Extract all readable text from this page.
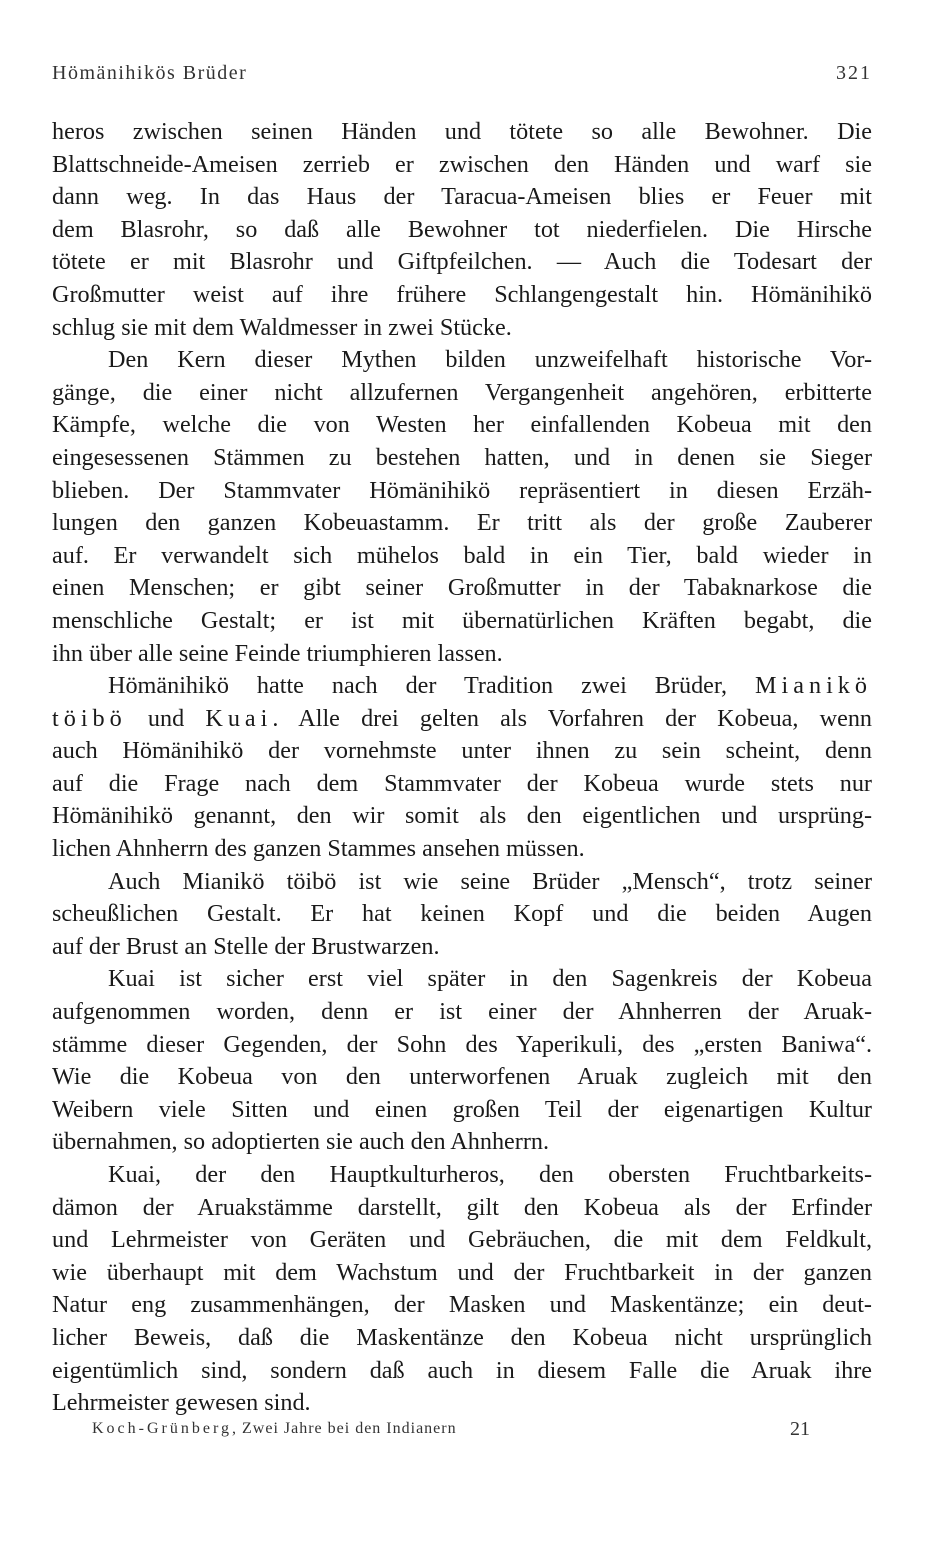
Hömänihikös Brüder	321
heros zwischen seinen Händen und tötete so alle Bewohner. Die
Blattschneide-Ameisen zerrieb er zwischen den Händen und warf sie
dann weg. In das Haus der Taracua-Ameisen blies er Feuer mit
dem Blasrohr, so daß alle Bewohner tot niederfielen. Die Hirsche
tötete er mit Blasrohr und Giftpfeilchen. — Auch die Todesart der
Großmutter weist auf ihre frühere Schlangengestalt hin. Hömänihikö
schlug sie mit dem Waldmesser in zwei Stücke.
Den Kern dieser Mythen bilden unzweifelhaft historische Vor-
gänge, die einer nicht allzufernen Vergangenheit angehören, erbitterte
Kämpfe, welche die von Westen her einfallenden Kobeua mit den
eingesessenen Stämmen zu bestehen hatten, und in denen sie Sieger
blieben. Der Stammvater Hömänihikö repräsentiert in diesen Erzäh-
lungen den ganzen Kobeuastamm. Er tritt als der große Zauberer
auf. Er verwandelt sich mühelos bald in ein Tier, bald wieder in
einen Menschen; er gibt seiner Großmutter in der Tabaknarkose die
menschliche Gestalt; er ist mit übernatürlichen Kräften begabt, die
ihn über alle seine Feinde triumphieren lassen.
Hömänihikö hatte nach der Tradition zwei Brüder, Mianikö
töibö und Kuai. Alle drei gelten als Vorfahren der Kobeua, wenn
auch Hömänihikö der vornehmste unter ihnen zu sein scheint, denn
auf die Frage nach dem Stammvater der Kobeua wurde stets nur
Hömänihikö genannt, den wir somit als den eigentlichen und ursprüng-
lichen Ahnherrn des ganzen Stammes ansehen müssen.
Auch Mianikö töibö ist wie seine Brüder „Mensch“, trotz seiner
scheußlichen Gestalt. Er hat keinen Kopf und die beiden Augen
auf der Brust an Stelle der Brustwarzen.
Kuai ist sicher erst viel später in den Sagenkreis der Kobeua
aufgenommen worden, denn er ist einer der Ahnherren der Aruak-
stämme dieser Gegenden, der Sohn des Yaperikuli, des „ersten Baniwa“.
Wie die Kobeua von den unterworfenen Aruak zugleich mit den
Weibern viele Sitten und einen großen Teil der eigenartigen Kultur
übernahmen, so adoptierten sie auch den Ahnherrn.
Kuai, der den Hauptkulturheros, den obersten Fruchtbarkeits-
dämon der Aruakstämme darstellt, gilt den Kobeua als der Erfinder
und Lehrmeister von Geräten und Gebräuchen, die mit dem Feldkult,
wie überhaupt mit dem Wachstum und der Fruchtbarkeit in der ganzen
Natur eng zusammenhängen, der Masken und Maskentänze; ein deut-
licher Beweis, daß die Maskentänze den Kobeua nicht ursprünglich
eigentümlich sind, sondern daß auch in diesem Falle die Aruak ihre
Lehrmeister gewesen sind.
Koch-Grünberg, Zwei Jahre bei den Indianern	21
